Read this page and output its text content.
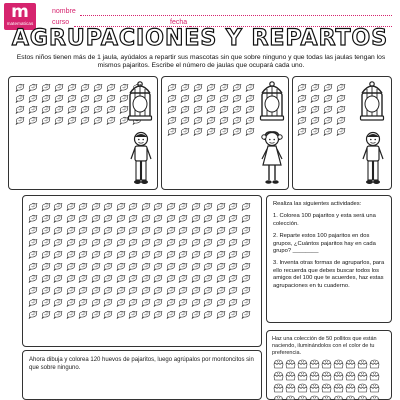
m
matematicas
nombre
curso	fecha
AGRUPACIONES Y REPARTOS
Estos niños tienen más de 1 jaula, ayúdalos a repartir sus mascotas sin que sobre ninguno y que todas las jaulas tengan los mismos pajaritos. Escribe el número de jaulas que ocupará cada uno.

Realiza las siguientes actividades:

1. Colorea 100 pajaritos y esta será una colección.

2. Reparte estos 100 pajaritos en dos grupos, ¿Cuántos pajaritos hay en cada grupo? ________

3. Inventa otras formas de agruparlos, para ello recuerda que debes buscar todos los amigos del 100 que te acuerdes, haz estas agrupaciones en tu cuaderno.

Ahora dibuja y colorea 120 huevos de pajaritos, luego agrúpalos por montoncitos sin que sobre ninguno.
Haz una colección de 50 pollitos que están naciendo, iluminándolos con el color de tu preferencia.
